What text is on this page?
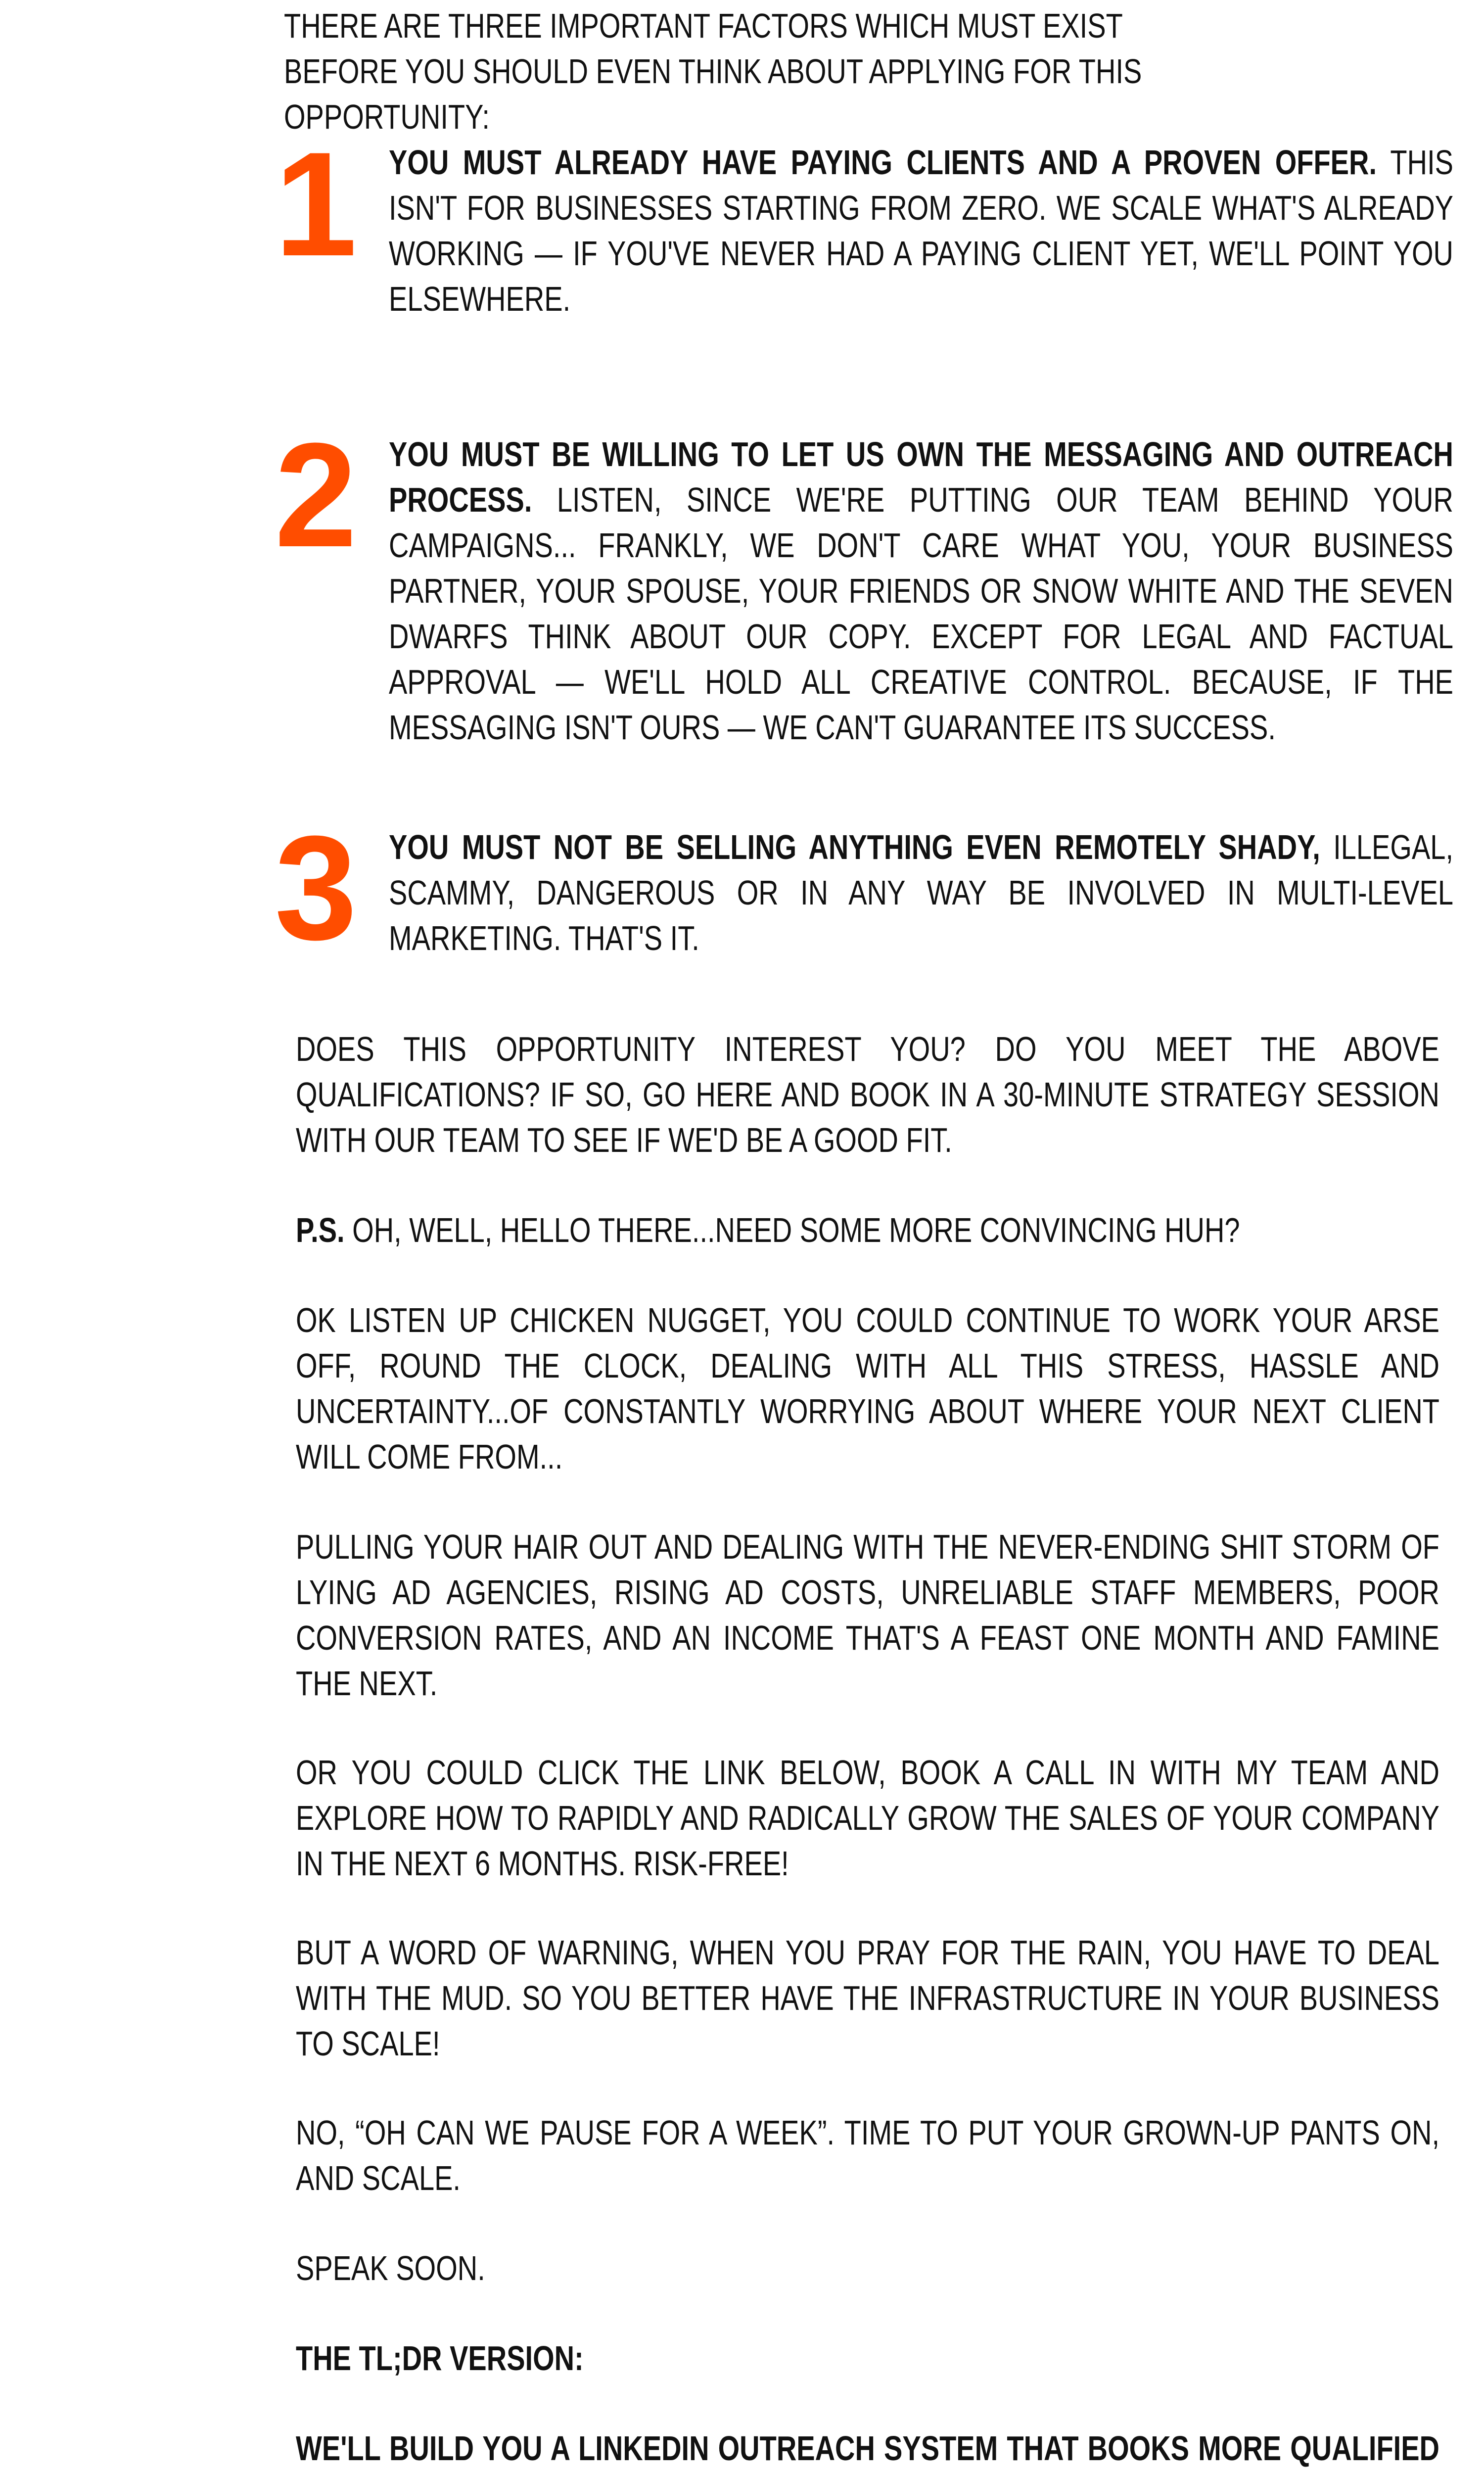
THERE ARE THREE IMPORTANT FACTORS WHICH MUST EXIST BEFORE YOU SHOULD EVEN THINK ABOUT APPLYING FOR THIS OPPORTUNITY:
1 YOU MUST ALREADY HAVE PAYING CLIENTS AND A PROVEN OFFER. THIS ISN'T FOR BUSINESSES STARTING FROM ZERO. WE SCALE WHAT'S ALREADY WORKING — IF YOU'VE NEVER HAD A PAYING CLIENT YET, WE'LL POINT YOU ELSEWHERE.
2 YOU MUST BE WILLING TO LET US OWN THE MESSAGING AND OUTREACH PROCESS. LISTEN, SINCE WE'RE PUTTING OUR TEAM BEHIND YOUR CAMPAIGNS... FRANKLY, WE DON'T CARE WHAT YOU, YOUR BUSINESS PARTNER, YOUR SPOUSE, YOUR FRIENDS OR SNOW WHITE AND THE SEVEN DWARFS THINK ABOUT OUR COPY. EXCEPT FOR LEGAL AND FACTUAL APPROVAL — WE'LL HOLD ALL CREATIVE CONTROL. BECAUSE, IF THE MESSAGING ISN'T OURS — WE CAN'T GUARANTEE ITS SUCCESS.
3 YOU MUST NOT BE SELLING ANYTHING EVEN REMOTELY SHADY, ILLEGAL, SCAMMY, DANGEROUS OR IN ANY WAY BE INVOLVED IN MULTI-LEVEL MARKETING. THAT'S IT.
DOES THIS OPPORTUNITY INTEREST YOU? DO YOU MEET THE ABOVE QUALIFICATIONS? IF SO, GO HERE AND BOOK IN A 30-MINUTE STRATEGY SESSION WITH OUR TEAM TO SEE IF WE'D BE A GOOD FIT.
P.S. OH, WELL, HELLO THERE...NEED SOME MORE CONVINCING HUH?
OK LISTEN UP CHICKEN NUGGET, YOU COULD CONTINUE TO WORK YOUR ARSE OFF, ROUND THE CLOCK, DEALING WITH ALL THIS STRESS, HASSLE AND UNCERTAINTY...OF CONSTANTLY WORRYING ABOUT WHERE YOUR NEXT CLIENT WILL COME FROM...
PULLING YOUR HAIR OUT AND DEALING WITH THE NEVER-ENDING SHIT STORM OF LYING AD AGENCIES, RISING AD COSTS, UNRELIABLE STAFF MEMBERS, POOR CONVERSION RATES, AND AN INCOME THAT'S A FEAST ONE MONTH AND FAMINE THE NEXT.
OR YOU COULD CLICK THE LINK BELOW, BOOK A CALL IN WITH MY TEAM AND EXPLORE HOW TO RAPIDLY AND RADICALLY GROW THE SALES OF YOUR COMPANY IN THE NEXT 6 MONTHS. RISK-FREE!
BUT A WORD OF WARNING, WHEN YOU PRAY FOR THE RAIN, YOU HAVE TO DEAL WITH THE MUD. SO YOU BETTER HAVE THE INFRASTRUCTURE IN YOUR BUSINESS TO SCALE!
NO, “OH CAN WE PAUSE FOR A WEEK”. TIME TO PUT YOUR GROWN-UP PANTS ON, AND SCALE.
SPEAK SOON.
THE TL;DR VERSION:
WE'LL BUILD YOU A LINKEDIN OUTREACH SYSTEM THAT BOOKS MORE QUALIFIED
